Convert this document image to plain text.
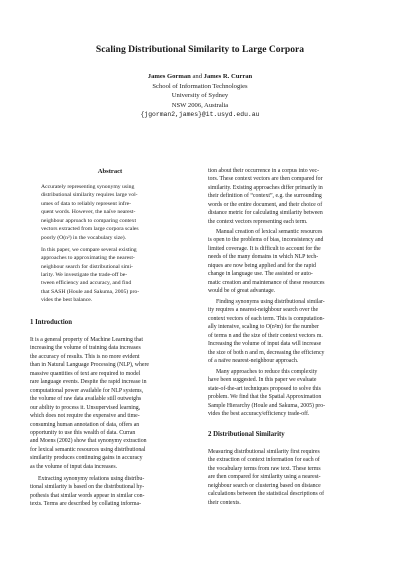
Scaling Distributional Similarity to Large Corpora
James Gorman and James R. Curran
School of Information Technologies
University of Sydney
NSW 2006, Australia
{jgorman2,james}@it.usyd.edu.au
Abstract
Accurately representing synonymy using
distributional similarity requires large vol-
umes of data to reliably represent infre-
quent words. However, the naïve nearest-
neighbour approach to comparing context
vectors extracted from large corpora scales
poorly (O(n²) in the vocabulary size).
In this paper, we compare several existing
approaches to approximating the nearest-
neighbour search for distributional simi-
larity. We investigate the trade-off be-
tween efficiency and accuracy, and find
that SASH (Houle and Sakuma, 2005) pro-
vides the best balance.
1 Introduction
It is a general property of Machine Learning that
increasing the volume of training data increases
the accuracy of results. This is no more evident
than in Natural Language Processing (NLP), where
massive quantities of text are required to model
rare language events. Despite the rapid increase in
computational power available for NLP systems,
the volume of raw data available still outweighs
our ability to process it. Unsupervised learning,
which does not require the expensive and time-
consuming human annotation of data, offers an
opportunity to use this wealth of data. Curran
and Moens (2002) show that synonymy extraction
for lexical semantic resources using distributional
similarity produces continuing gains in accuracy
as the volume of input data increases.
Extracting synonymy relations using distribu-
tional similarity is based on the distributional hy-
pothesis that similar words appear in similar con-
texts. Terms are described by collating informa-
tion about their occurrence in a corpus into vec-
tors. These context vectors are then compared for
similarity. Existing approaches differ primarily in
their definition of “context”, e.g. the surrounding
words or the entire document, and their choice of
distance metric for calculating similarity between
the context vectors representing each term.
Manual creation of lexical semantic resources
is open to the problems of bias, inconsistency and
limited coverage. It is difficult to account for the
needs of the many domains in which NLP tech-
niques are now being applied and for the rapid
change in language use. The assisted or auto-
matic creation and maintenance of these resources
would be of great advantage.
Finding synonyms using distributional similar-
ity requires a nearest-neighbour search over the
context vectors of each term. This is computation-
ally intensive, scaling to O(n²m) for the number
of terms n and the size of their context vectors m.
Increasing the volume of input data will increase
the size of both n and m, decreasing the efficiency
of a naïve nearest-neighbour approach.
Many approaches to reduce this complexity
have been suggested. In this paper we evaluate
state-of-the-art techniques proposed to solve this
problem. We find that the Spatial Approximation
Sample Hierarchy (Houle and Sakuma, 2005) pro-
vides the best accuracy/efficiency trade-off.
2 Distributional Similarity
Measuring distributional similarity first requires
the extraction of context information for each of
the vocabulary terms from raw text. These terms
are then compared for similarity using a nearest-
neighbour search or clustering based on distance
calculations between the statistical descriptions of
their contexts.
